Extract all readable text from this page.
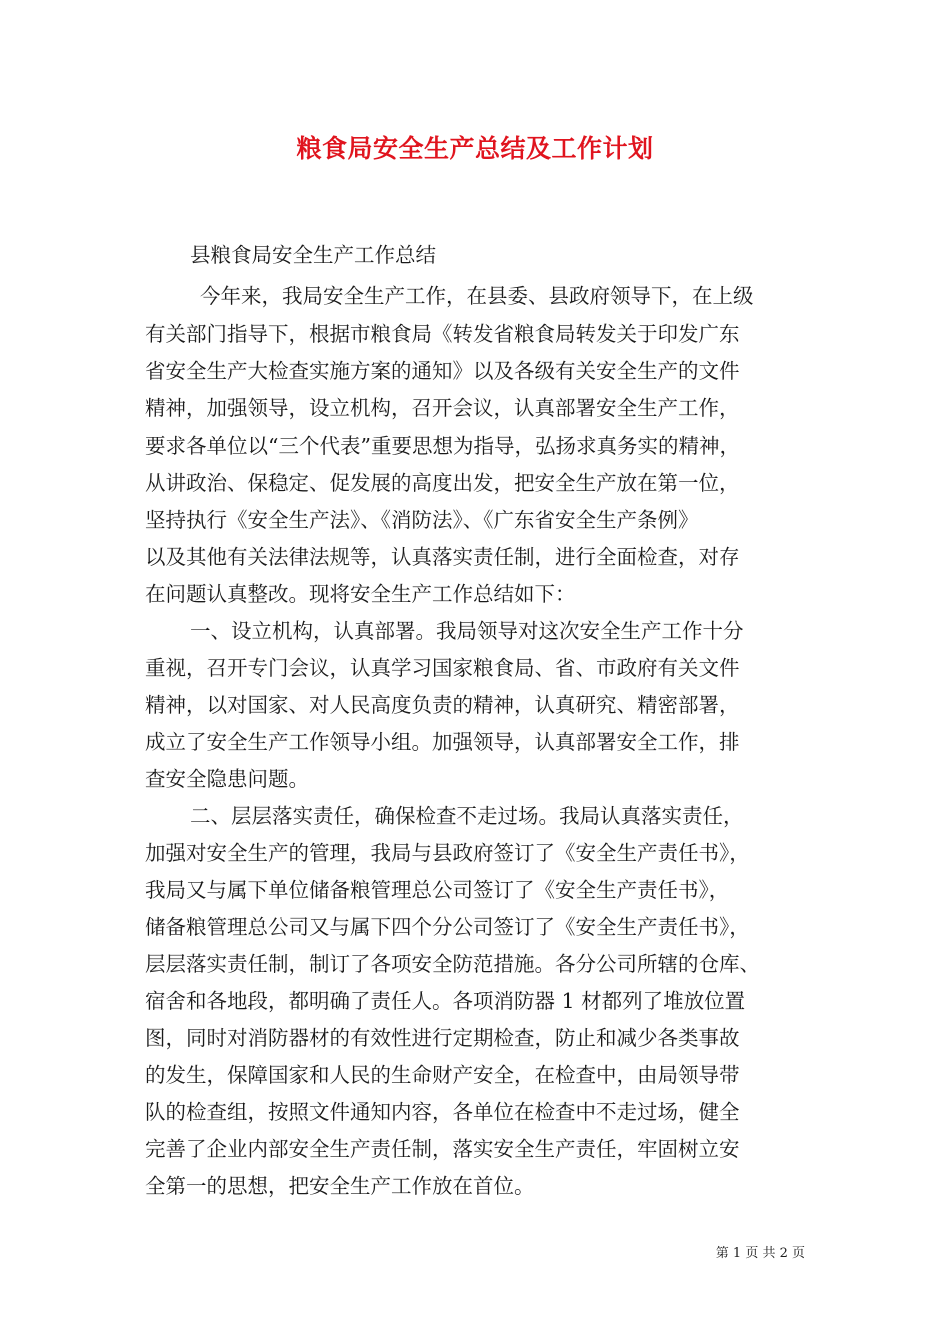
粮食局安全生产总结及工作计划
县粮食局安全生产工作总结
今年来，我局安全生产工作，在县委、县政府领导下，在上级
有关部门指导下，根据市粮食局《转发省粮食局转发关于印发广东
省安全生产大检查实施方案的通知》以及各级有关安全生产的文件
精神，加强领导，设立机构，召开会议，认真部署安全生产工作，
要求各单位以“三个代表”重要思想为指导，弘扬求真务实的精神，
从讲政治、保稳定、促发展的高度出发，把安全生产放在第一位，
坚持执行《安全生产法》、《消防法》、《广东省安全生产条例》
以及其他有关法律法规等，认真落实责任制，进行全面检查，对存
在问题认真整改。现将安全生产工作总结如下：
一、设立机构，认真部署。我局领导对这次安全生产工作十分
重视，召开专门会议，认真学习国家粮食局、省、市政府有关文件
精神，以对国家、对人民高度负责的精神，认真研究、精密部署，
成立了安全生产工作领导小组。加强领导，认真部署安全工作，排
查安全隐患问题。
二、层层落实责任，确保检查不走过场。我局认真落实责任，
加强对安全生产的管理，我局与县政府签订了《安全生产责任书》，
我局又与属下单位储备粮管理总公司签订了《安全生产责任书》，
储备粮管理总公司又与属下四个分公司签订了《安全生产责任书》，
层层落实责任制，制订了各项安全防范措施。各分公司所辖的仓库、
宿舍和各地段，都明确了责任人。各项消防器 1 材都列了堆放位置
图，同时对消防器材的有效性进行定期检查，防止和减少各类事故
的发生，保障国家和人民的生命财产安全，在检查中，由局领导带
队的检查组，按照文件通知内容，各单位在检查中不走过场，健全
完善了企业内部安全生产责任制，落实安全生产责任，牢固树立安
全第一的思想，把安全生产工作放在首位。
第 1 页 共 2 页
